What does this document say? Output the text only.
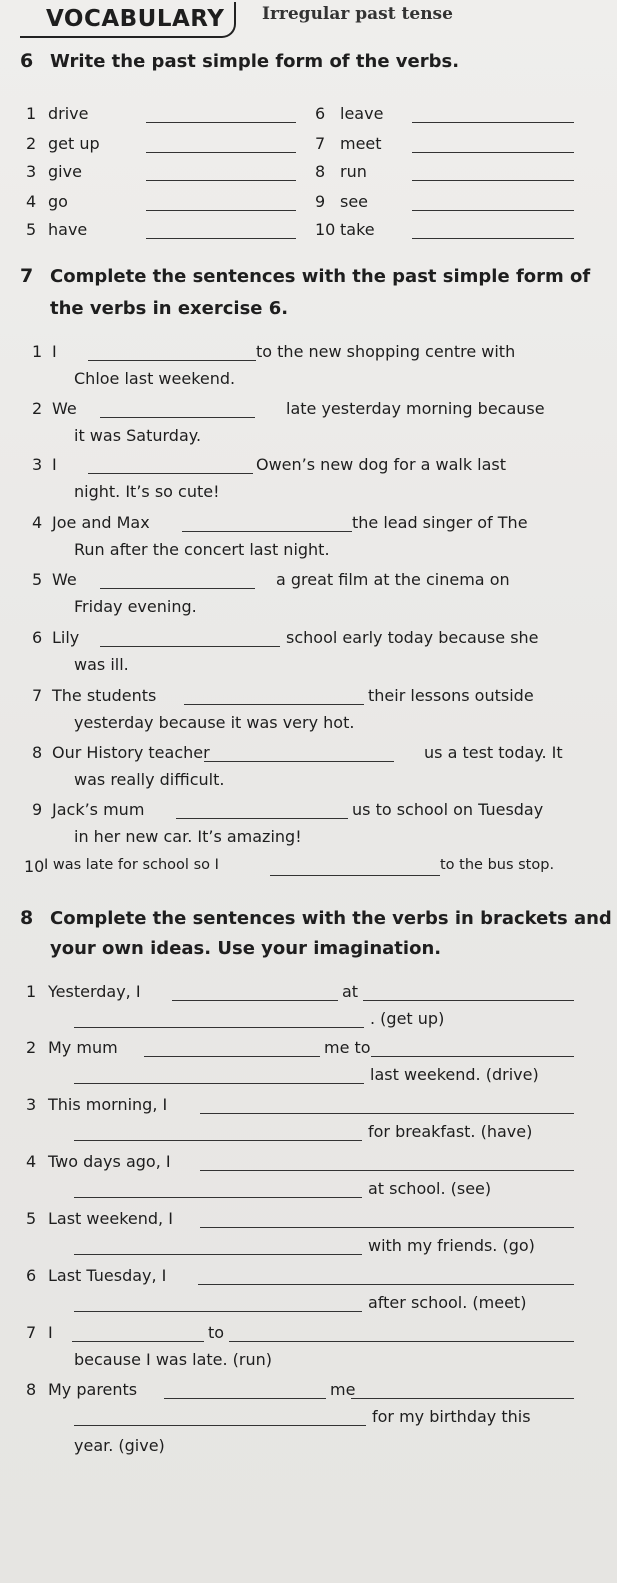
VOCABULARY Irregular past tense
6 Write the past simple form of the verbs.
7 Complete the sentences with the past simple form of
the verbs in exercise 6.
8 Complete the sentences with the verbs in brackets and
your own ideas. Use your imagination.
1 drive
2 get up
3 give
4 go
5 have
6 leave
7 meet
8 run
9 see
10 take
1 I	to the new shopping centre with
Chloe last weekend.
2 We	late yesterday morning because
it was Saturday.
3 I	Owen’s new dog for a walk last
night. It’s so cute!
4 Joe and Max	the lead singer of The
Run after the concert last night.
5 We	a great film at the cinema on
Friday evening.
6 Lily	school early today because she
was ill.
7 The students	their lessons outside
yesterday because it was very hot.
8 Our History teacher	us a test today. It
was really difficult.
9 Jack’s mum	us to school on Tuesday
in her new car. It’s amazing!
10 I was late for school so I	to the bus stop.
1 Yesterday, I	at
. (get up)
2 My mum	me to
last weekend. (drive)
3 This morning, I
for breakfast. (have)
4 Two days ago, I
at school. (see)
5 Last weekend, I
with my friends. (go)
6 Last Tuesday, I
after school. (meet)
7 I	to
because I was late. (run)
8 My parents	me
for my birthday this
year. (give)
